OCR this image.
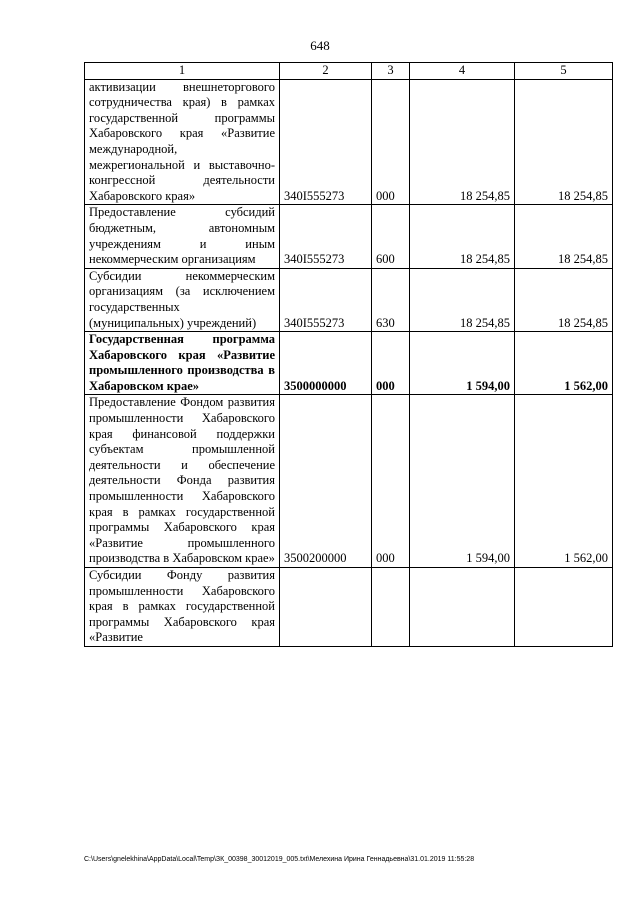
648
1	2	3	4	5
активизации внешнеторгового сотрудничества края) в рамках государственной программы Хабаровского края «Развитие международной, межрегиональной и выставочно-конгрессной деятельности Хабаровского края»	340I555273	000	18 254,85	18 254,85
Предоставление субсидий бюджетным, автономным учреждениям и иным некоммерческим организациям	340I555273	600	18 254,85	18 254,85
Субсидии некоммерческим организациям (за исключением государственных (муниципальных) учреждений)	340I555273	630	18 254,85	18 254,85
Государственная программа Хабаровского края «Развитие промышленного производства в Хабаровском крае»	3500000000	000	1 594,00	1 562,00
Предоставление Фондом развития промышленности Хабаровского края финансовой поддержки субъектам промышленной деятельности и обеспечение деятельности Фонда развития промышленности Хабаровского края в рамках государственной программы Хабаровского края «Развитие промышленного производства в Хабаровском крае»	3500200000	000	1 594,00	1 562,00
Субсидии Фонду развития промышленности Хабаровского края в рамках государственной программы Хабаровского края «Развитие				
C:\Users\gnelekhina\AppData\Local\Temp\ЗК_00398_30012019_005.txt\Мелехина Ирина Геннадьевна\31.01.2019 11:55:28
